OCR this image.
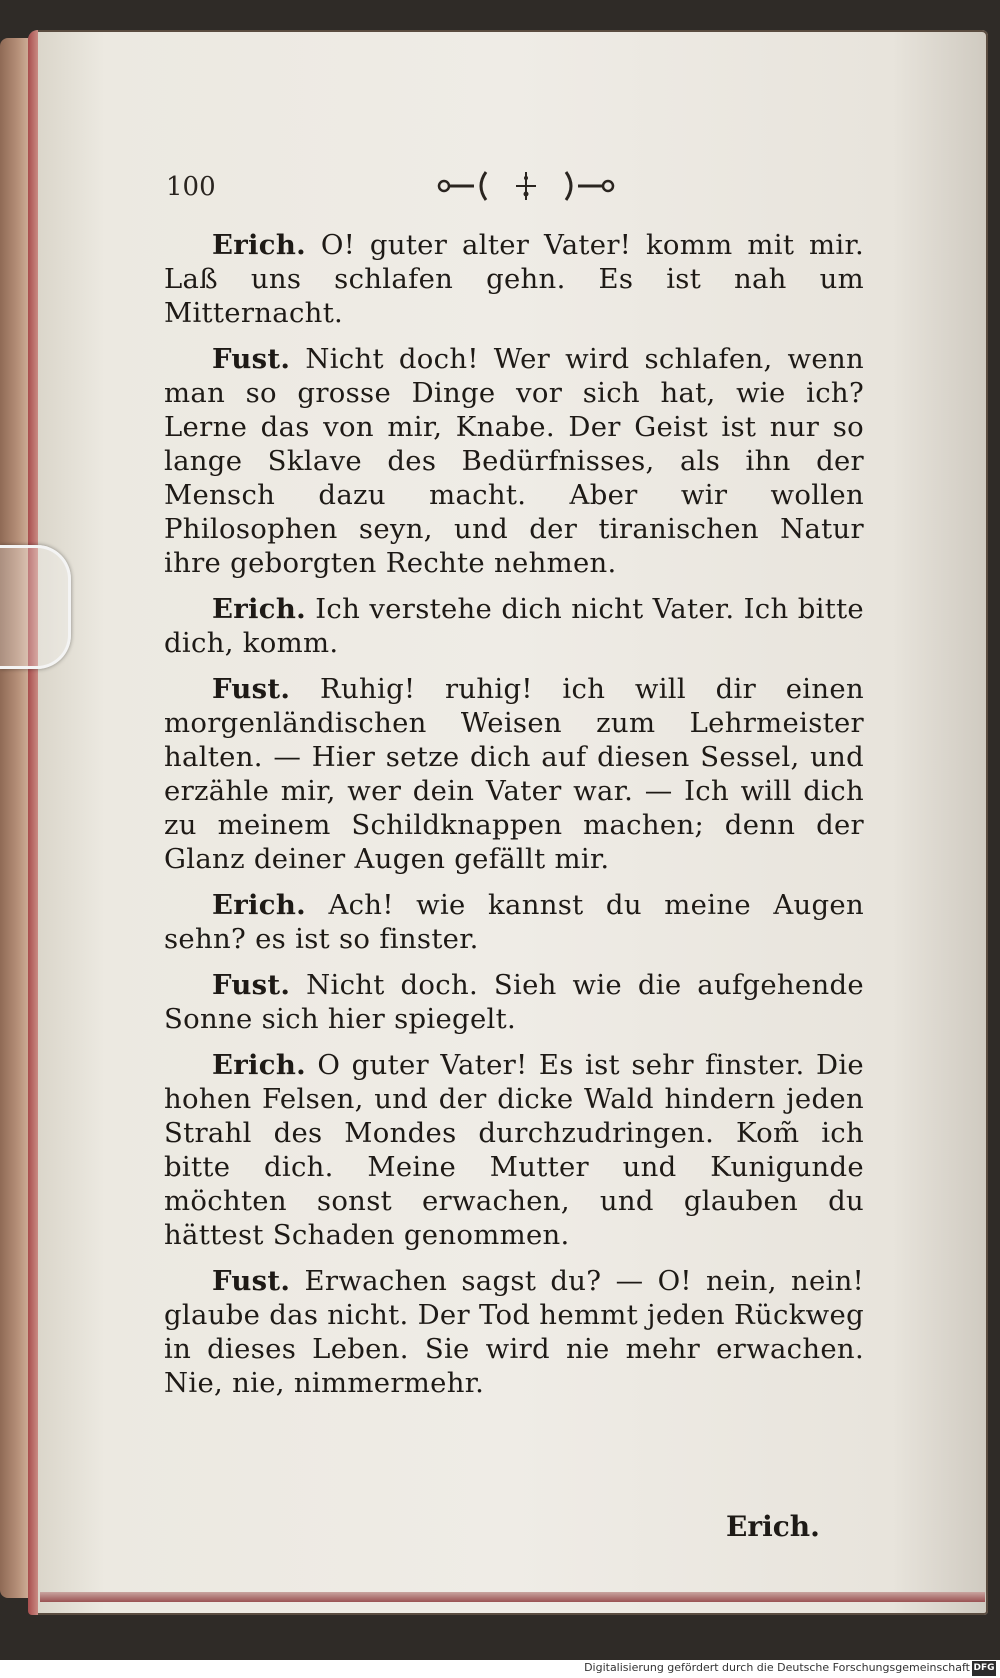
100

Erich. O! guter alter Vater! komm mit mir. Laß uns schlafen gehn. Es ist nah um Mitternacht.

Fust. Nicht doch! Wer wird schlafen, wenn man so grosse Dinge vor sich hat, wie ich? Lerne das von mir, Knabe. Der Geist ist nur so lange Sklave des Bedürfnisses, als ihn der Mensch dazu macht. Aber wir wollen Philosophen seyn, und der tiranischen Natur ihre geborgten Rechte nehmen.

Erich. Ich verstehe dich nicht Vater. Ich bitte dich, komm.

Fust. Ruhig! ruhig! ich will dir einen morgenländischen Weisen zum Lehrmeister halten. — Hier setze dich auf diesen Sessel, und erzähle mir, wer dein Vater war. — Ich will dich zu meinem Schildknappen machen; denn der Glanz deiner Augen gefällt mir.

Erich. Ach! wie kannst du meine Augen sehn? es ist so finster.

Fust. Nicht doch. Sieh wie die aufgehende Sonne sich hier spiegelt.

Erich. O guter Vater! Es ist sehr finster. Die hohen Felsen, und der dicke Wald hindern jeden Strahl des Mondes durchzudringen. Kom̃ ich bitte dich. Meine Mutter und Kunigunde möchten sonst erwachen, und glauben du hättest Schaden genommen.

Fust. Erwachen sagst du? — O! nein, nein! glaube das nicht. Der Tod hemmt jeden Rückweg in dieses Leben. Sie wird nie mehr erwachen. Nie, nie, nimmermehr.

Erich.
Digitalisierung gefördert durch die Deutsche Forschungsgemeinschaft DFG
